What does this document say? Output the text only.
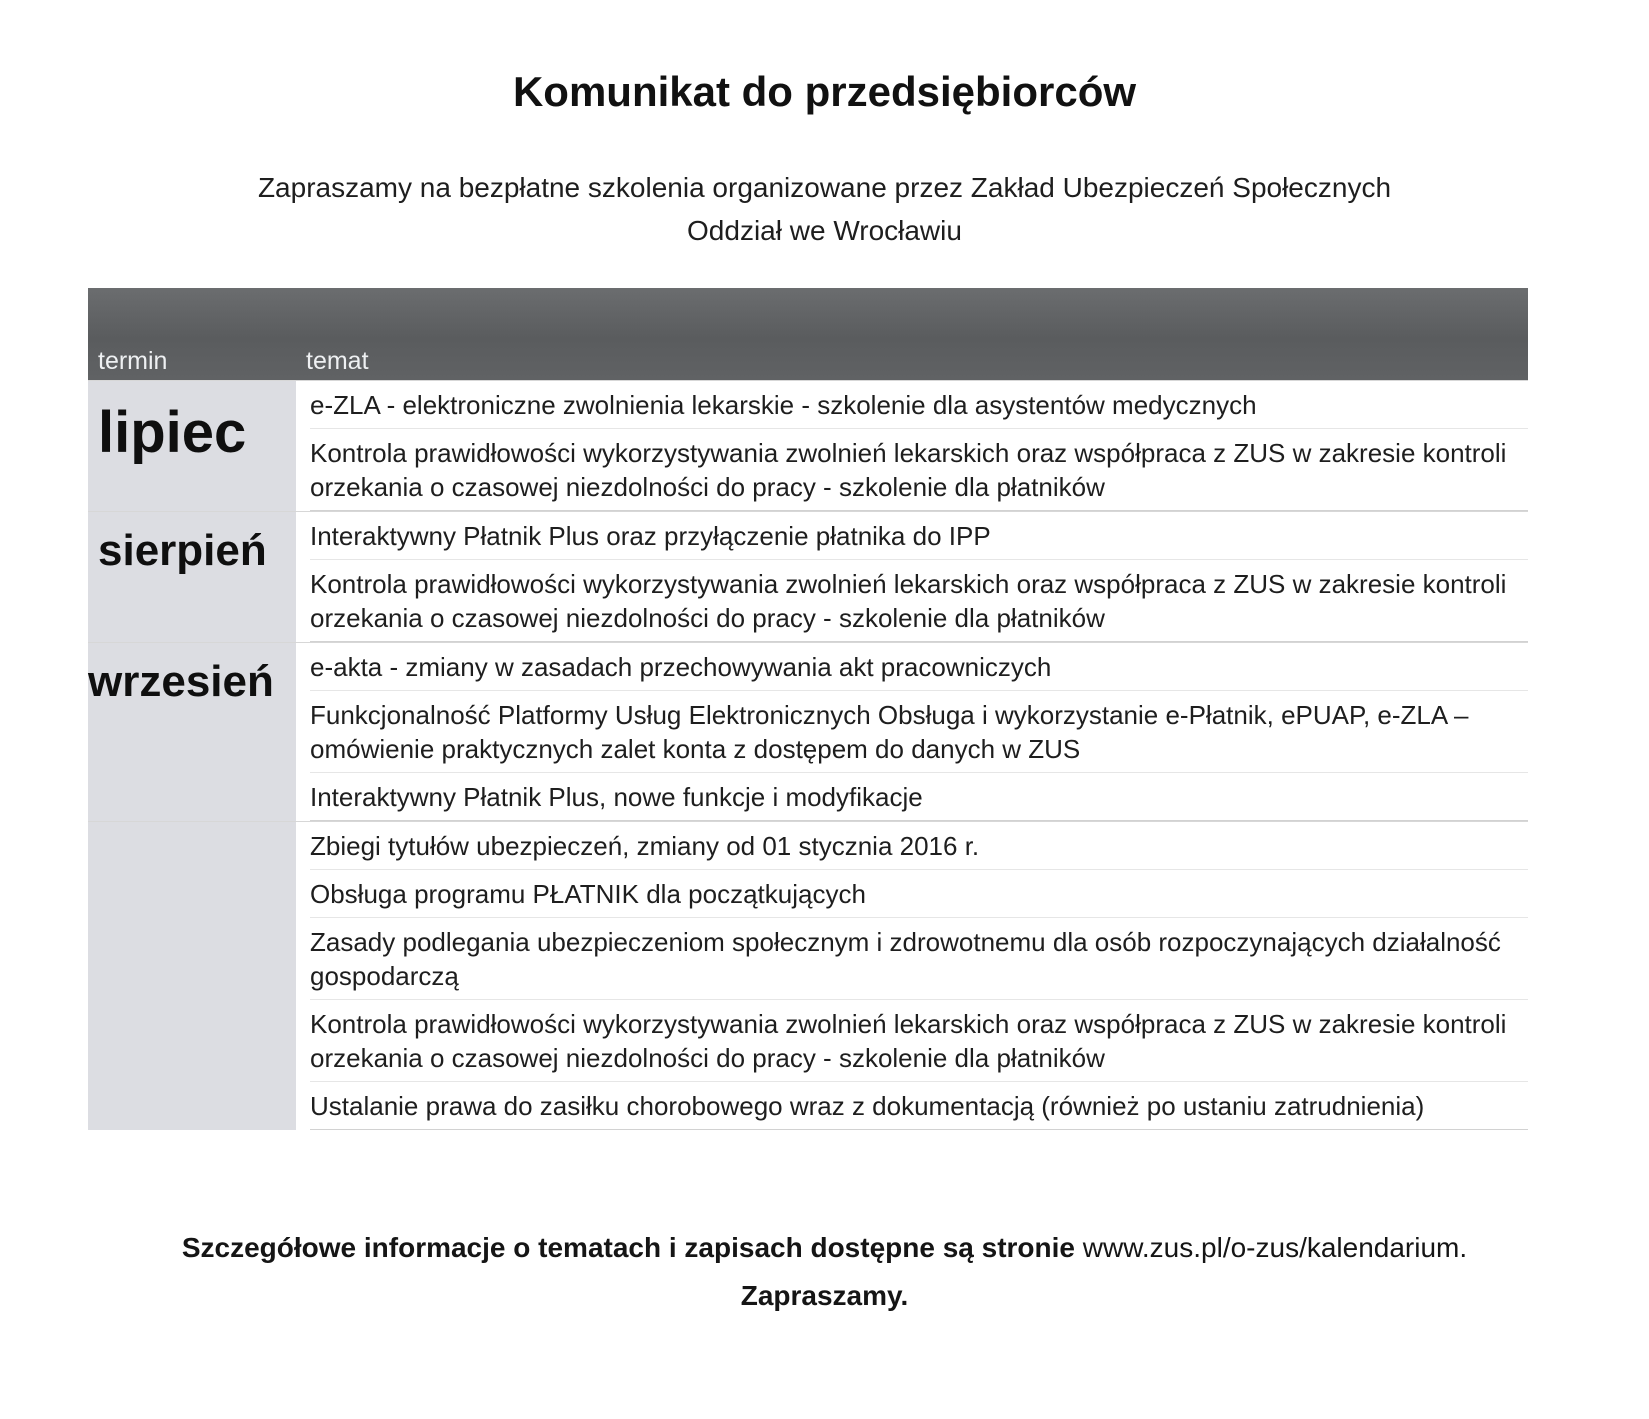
Komunikat do przedsiębiorców
Zapraszamy na bezpłatne szkolenia organizowane przez Zakład Ubezpieczeń Społecznych
Oddział we Wrocławiu
termin	temat
lipiec e-ZLA - elektroniczne zwolnienia lekarskie - szkolenie dla asystentów medycznych
Kontrola prawidłowości wykorzystywania zwolnień lekarskich oraz współpraca z ZUS w zakresie kontroli orzekania o czasowej niezdolności do pracy - szkolenie dla płatników
sierpień Interaktywny Płatnik Plus oraz przyłączenie płatnika do IPP
Kontrola prawidłowości wykorzystywania zwolnień lekarskich oraz współpraca z ZUS w zakresie kontroli orzekania o czasowej niezdolności do pracy - szkolenie dla płatników
wrzesień e-akta - zmiany w zasadach przechowywania akt pracowniczych
Funkcjonalność Platformy Usług Elektronicznych Obsługa i wykorzystanie e-Płatnik, ePUAP, e-ZLA – omówienie praktycznych zalet konta z dostępem do danych w ZUS
Interaktywny Płatnik Plus, nowe funkcje i modyfikacje
Zbiegi tytułów ubezpieczeń, zmiany od 01 stycznia 2016 r.
Obsługa programu PŁATNIK dla początkujących
Zasady podlegania ubezpieczeniom społecznym i zdrowotnemu dla osób rozpoczynających działalność gospodarczą
Kontrola prawidłowości wykorzystywania zwolnień lekarskich oraz współpraca z ZUS w zakresie kontroli orzekania o czasowej niezdolności do pracy - szkolenie dla płatników
Ustalanie prawa do zasiłku chorobowego wraz z dokumentacją (również po ustaniu zatrudnienia)
Szczegółowe informacje o tematach i zapisach dostępne są stronie www.zus.pl/o-zus/kalendarium.
Zapraszamy.
